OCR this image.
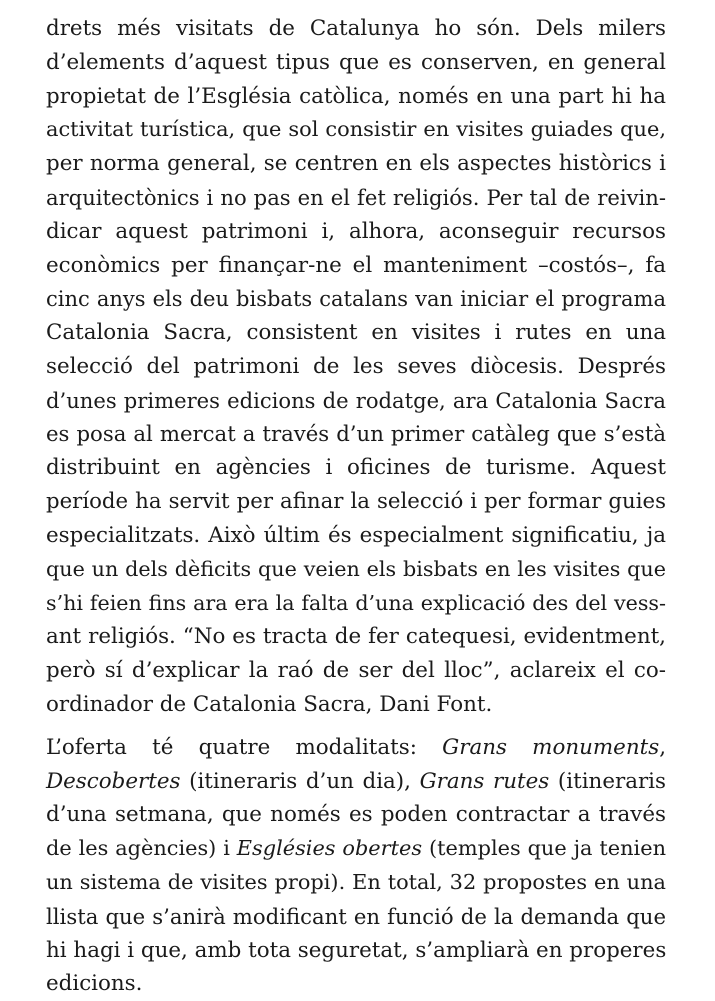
drets més visitats de Catalunya ho són. Dels milers
d’elements d’aquest tipus que es conserven, en general
propietat de l’Església catòlica, només en una part hi ha
activitat turística, que sol consistir en visites guiades que,
per norma general, se centren en els aspectes històrics i
arquitectònics i no pas en el fet religiós. Per tal de reivin-
dicar aquest patrimoni i, alhora, aconseguir recursos
econòmics per finançar-ne el manteniment –costós–, fa
cinc anys els deu bisbats catalans van iniciar el programa
Catalonia Sacra, consistent en visites i rutes en una
selecció del patrimoni de les seves diòcesis. Després
d’unes primeres edicions de rodatge, ara Catalonia Sacra
es posa al mercat a través d’un primer catàleg que s’està
distribuint en agències i oficines de turisme. Aquest
període ha servit per afinar la selecció i per formar guies
especialitzats. Això últim és especialment significatiu, ja
que un dels dèficits que veien els bisbats en les visites que
s’hi feien fins ara era la falta d’una explicació des del vess-
ant religiós. “No es tracta de fer catequesi, evidentment,
però sí d’explicar la raó de ser del lloc”, aclareix el co-
ordinador de Catalonia Sacra, Dani Font.
L’oferta té quatre modalitats: Grans monuments,
Descobertes (itineraris d’un dia), Grans rutes (itineraris
d’una setmana, que només es poden contractar a través
de les agències) i Esglésies obertes (temples que ja tenien
un sistema de visites propi). En total, 32 propostes en una
llista que s’anirà modificant en funció de la demanda que
hi hagi i que, amb tota seguretat, s’ampliarà en properes
edicions.
